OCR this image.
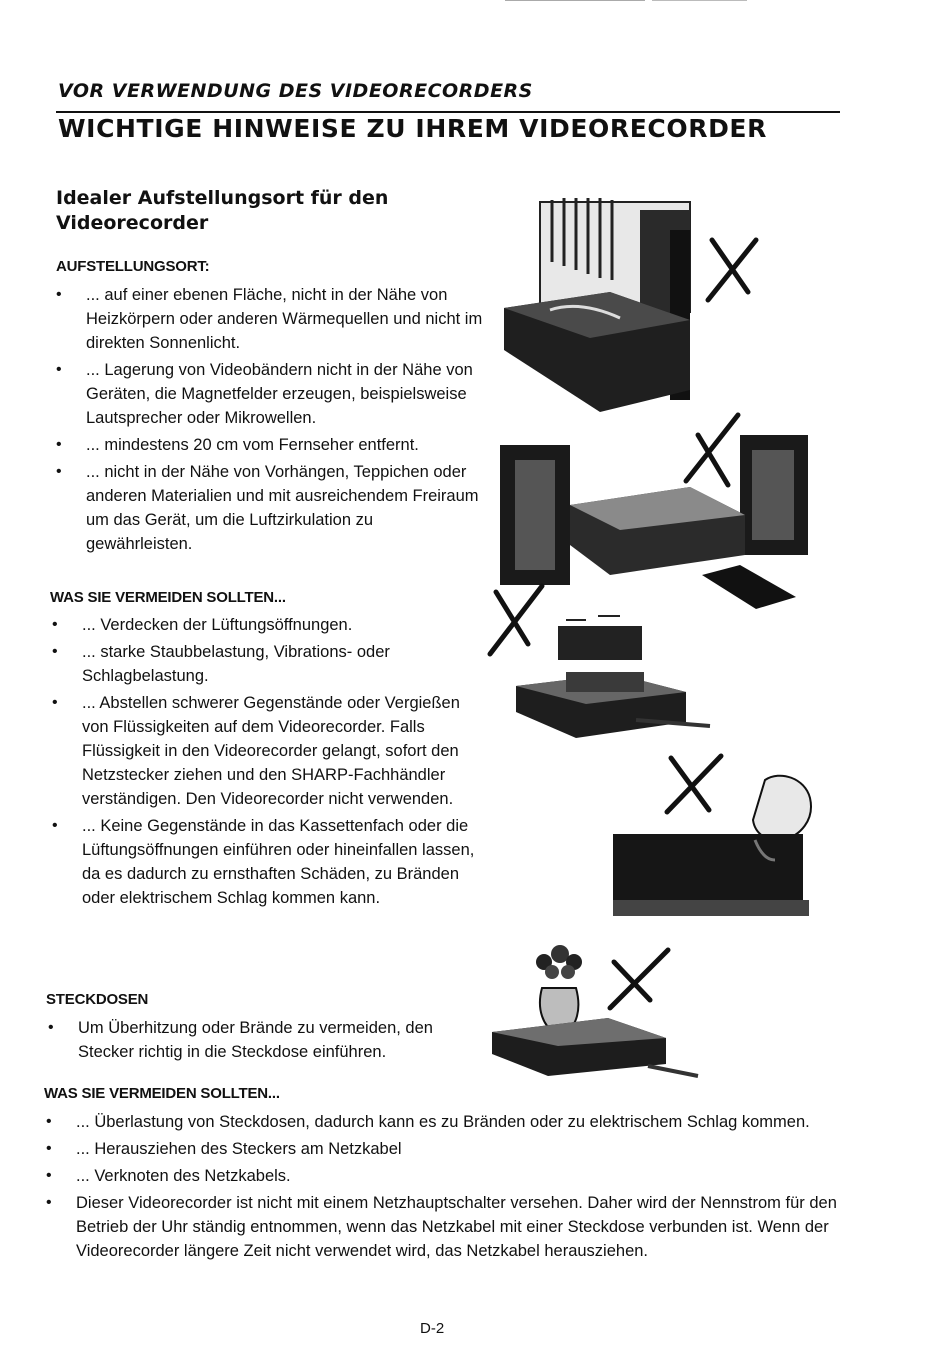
VOR VERWENDUNG DES VIDEORECORDERS
WICHTIGE HINWEISE ZU IHREM VIDEORECORDER
Idealer Aufstellungsort für den Videorecorder
AUFSTELLUNGSORT:
• ... auf einer ebenen Fläche, nicht in der Nähe von Heizkörpern oder anderen Wärmequellen und nicht im direkten Sonnenlicht.
• ... Lagerung von Videobändern nicht in der Nähe von Geräten, die Magnetfelder erzeugen, beispielsweise Lautsprecher oder Mikrowellen.
• ... mindestens 20 cm vom Fernseher entfernt.
• ... nicht in der Nähe von Vorhängen, Teppichen oder anderen Materialien und mit ausreichendem Freiraum um das Gerät, um die Luftzirkulation zu gewährleisten.
WAS SIE VERMEIDEN SOLLTEN...
• ... Verdecken der Lüftungsöffnungen.
• ... starke Staubbelastung, Vibrations- oder Schlagbelastung.
• ... Abstellen schwerer Gegenstände oder Vergießen von Flüssigkeiten auf dem Videorecorder. Falls Flüssigkeit in den Videorecorder gelangt, sofort den Netzstecker ziehen und den SHARP-Fachhändler verständigen. Den Videorecorder nicht verwenden.
• ... Keine Gegenstände in das Kassettenfach oder die Lüftungsöffnungen einführen oder hineinfallen lassen, da es dadurch zu ernsthaften Schäden, zu Bränden oder elektrischem Schlag kommen kann.
STECKDOSEN
• Um Überhitzung oder Brände zu vermeiden, den Stecker richtig in die Steckdose einführen.
WAS SIE VERMEIDEN SOLLTEN...
• ... Überlastung von Steckdosen, dadurch kann es zu Bränden oder zu elektrischem Schlag kommen.
• ... Herausziehen des Steckers am Netzkabel
• ... Verknoten des Netzkabels.
• Dieser Videorecorder ist nicht mit einem Netzhauptschalter versehen. Daher wird der Nennstrom für den Betrieb der Uhr ständig entnommen, wenn das Netzkabel mit einer Steckdose verbunden ist. Wenn der Videorecorder längere Zeit nicht verwendet wird, das Netzkabel herausziehen.
D-2
